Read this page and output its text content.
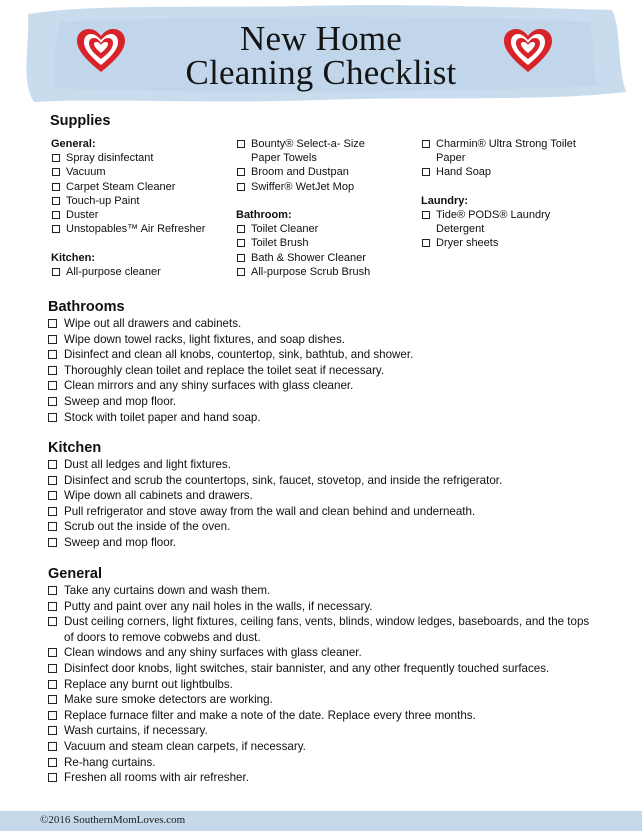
New Home
Cleaning Checklist
Supplies
General:
Spray disinfectant
Vacuum
Carpet Steam Cleaner
Touch-up Paint
Duster
Unstopables™ Air Refresher
Kitchen:
All-purpose cleaner
Bounty® Select-a- Size Paper Towels
Broom and Dustpan
Swiffer® WetJet Mop
Bathroom:
Toilet Cleaner
Toilet Brush
Bath & Shower Cleaner
All-purpose Scrub Brush
Charmin® Ultra Strong Toilet Paper
Hand Soap
Laundry:
Tide® PODS® Laundry Detergent
Dryer sheets
Bathrooms
Wipe out all drawers and cabinets.
Wipe down towel racks, light fixtures, and soap dishes.
Disinfect and clean all knobs, countertop, sink, bathtub, and shower.
Thoroughly clean toilet and replace the toilet seat if necessary.
Clean mirrors and any shiny surfaces with glass cleaner.
Sweep and mop floor.
Stock with toilet paper and hand soap.
Kitchen
Dust all ledges and light fixtures.
Disinfect and scrub the countertops, sink, faucet, stovetop, and inside the refrigerator.
Wipe down all cabinets and drawers.
Pull refrigerator and stove away from the wall and clean behind and underneath.
Scrub out the inside of the oven.
Sweep and mop floor.
General
Take any curtains down and wash them.
Putty and paint over any nail holes in the walls, if necessary.
Dust ceiling corners, light fixtures, ceiling fans, vents, blinds, window ledges, baseboards, and the tops of doors to remove cobwebs and dust.
Clean windows and any shiny surfaces with glass cleaner.
Disinfect door knobs, light switches, stair bannister, and any other frequently touched surfaces.
Replace any burnt out lightbulbs.
Make sure smoke detectors are working.
Replace furnace filter and make a note of the date. Replace every three months.
Wash curtains, if necessary.
Vacuum and steam clean carpets, if necessary.
Re-hang curtains.
Freshen all rooms with air refresher.
©2016 SouthernMomLoves.com
